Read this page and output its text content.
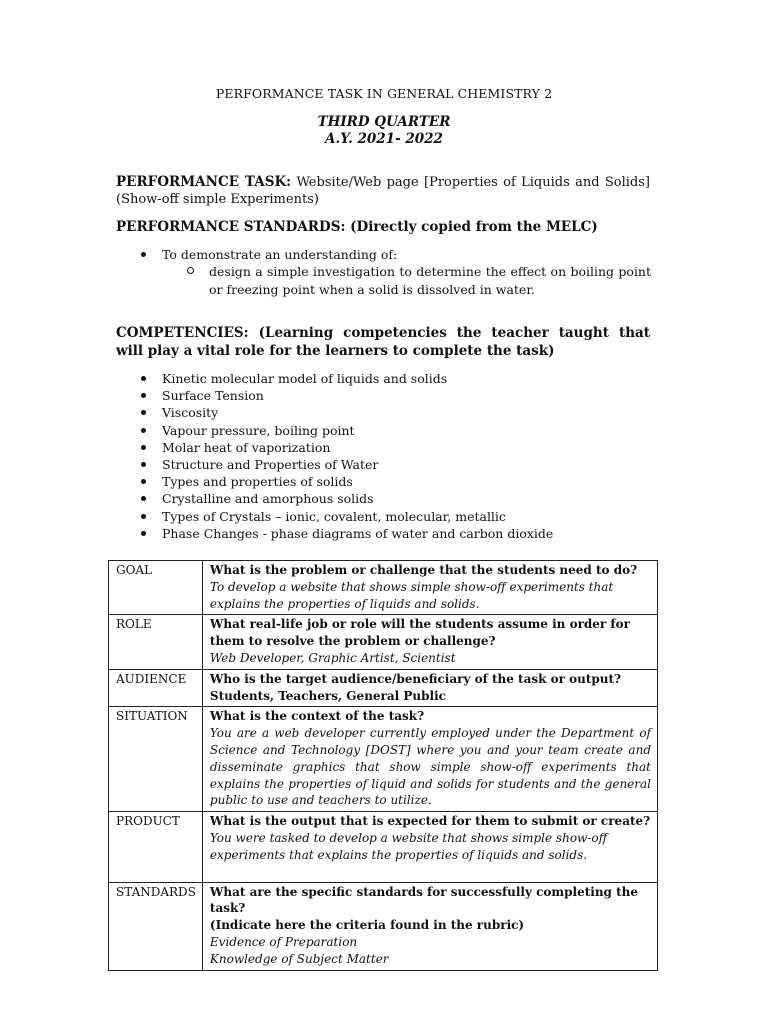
PERFORMANCE TASK IN GENERAL CHEMISTRY 2
THIRD QUARTER
A.Y. 2021- 2022
PERFORMANCE TASK: Website/Web page [Properties of Liquids and Solids] (Show-off simple Experiments)
PERFORMANCE STANDARDS: (Directly copied from the MELC)
To demonstrate an understanding of:
design a simple investigation to determine the effect on boiling point or freezing point when a solid is dissolved in water.
COMPETENCIES: (Learning competencies the teacher taught that will play a vital role for the learners to complete the task)
Kinetic molecular model of liquids and solids
Surface Tension
Viscosity
Vapour pressure, boiling point
Molar heat of vaporization
Structure and Properties of Water
Types and properties of solids
Crystalline and amorphous solids
Types of Crystals – ionic, covalent, molecular, metallic
Phase Changes - phase diagrams of water and carbon dioxide
GOAL	What is the problem or challenge that the students need to do?
To develop a website that shows simple show-off experiments that explains the properties of liquids and solids.

ROLE	What real-life job or role will the students assume in order for them to resolve the problem or challenge?
Web Developer, Graphic Artist, Scientist

AUDIENCE	Who is the target audience/beneficiary of the task or output?
Students, Teachers, General Public

SITUATION	What is the context of the task?
You are a web developer currently employed under the Department of Science and Technology [DOST] where you and your team create and disseminate graphics that show simple show-off experiments that explains the properties of liquid and solids for students and the general public to use and teachers to utilize.

PRODUCT	What is the output that is expected for them to submit or create?
You were tasked to develop a website that shows simple show-off experiments that explains the properties of liquids and solids.

STANDARDS	What are the specific standards for successfully completing the task?
(Indicate here the criteria found in the rubric)
Evidence of Preparation
Knowledge of Subject Matter
